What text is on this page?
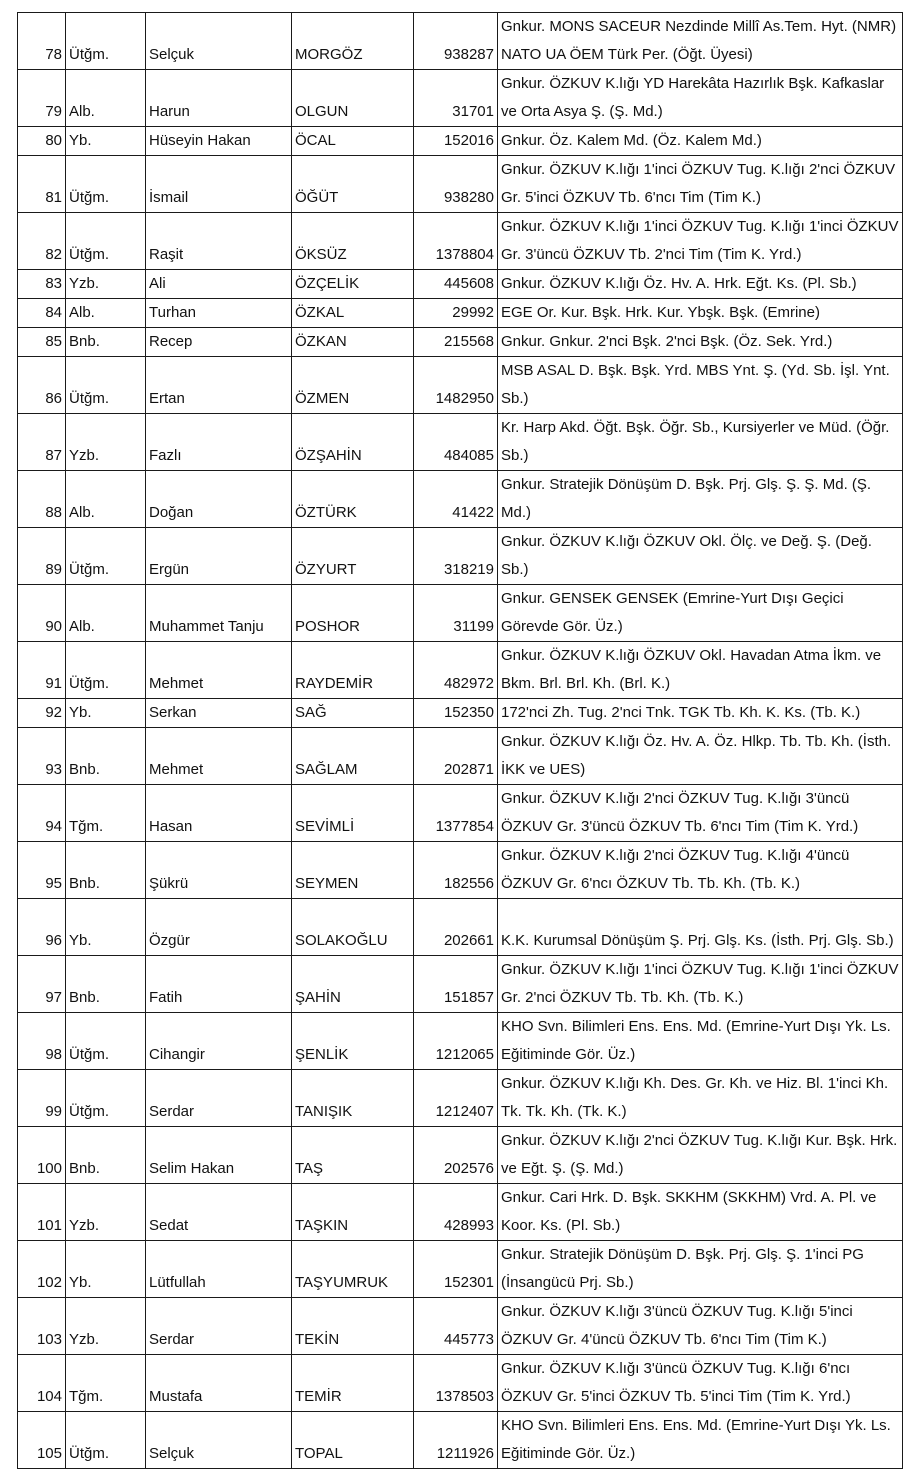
78	Ütğm.	Selçuk	MORGÖZ	938287	Gnkur. MONS SACEUR Nezdinde Millî As.Tem. Hyt. (NMR) NATO UA ÖEM Türk Per. (Öğt. Üyesi)
79	Alb.	Harun	OLGUN	31701	Gnkur. ÖZKUV K.lığı YD Harekâta Hazırlık Bşk. Kafkaslar ve Orta Asya Ş. (Ş. Md.)
80	Yb.	Hüseyin Hakan	ÖCAL	152016	Gnkur. Öz. Kalem Md. (Öz. Kalem Md.)
81	Ütğm.	İsmail	ÖĞÜT	938280	Gnkur. ÖZKUV K.lığı 1'inci ÖZKUV Tug. K.lığı 2'nci ÖZKUV Gr. 5'inci ÖZKUV Tb. 6'ncı Tim (Tim K.)
82	Ütğm.	Raşit	ÖKSÜZ	1378804	Gnkur. ÖZKUV K.lığı 1'inci ÖZKUV Tug. K.lığı 1'inci ÖZKUV Gr. 3'üncü ÖZKUV Tb. 2'nci Tim (Tim K. Yrd.)
83	Yzb.	Ali	ÖZÇELİK	445608	Gnkur. ÖZKUV K.lığı Öz. Hv. A. Hrk. Eğt. Ks. (Pl. Sb.)
84	Alb.	Turhan	ÖZKAL	29992	EGE Or. Kur. Bşk. Hrk. Kur. Ybşk. Bşk. (Emrine)
85	Bnb.	Recep	ÖZKAN	215568	Gnkur. Gnkur. 2'nci Bşk. 2'nci Bşk. (Öz. Sek. Yrd.)
86	Ütğm.	Ertan	ÖZMEN	1482950	MSB ASAL D. Bşk. Bşk. Yrd. MBS Ynt. Ş. (Yd. Sb. İşl. Ynt. Sb.)
87	Yzb.	Fazlı	ÖZŞAHİN	484085	Kr. Harp Akd. Öğt. Bşk. Öğr. Sb., Kursiyerler ve Müd. (Öğr. Sb.)
88	Alb.	Doğan	ÖZTÜRK	41422	Gnkur. Stratejik Dönüşüm D. Bşk. Prj. Glş. Ş. Ş. Md. (Ş. Md.)
89	Ütğm.	Ergün	ÖZYURT	318219	Gnkur. ÖZKUV K.lığı ÖZKUV Okl. Ölç. ve Değ. Ş. (Değ. Sb.)
90	Alb.	Muhammet Tanju	POSHOR	31199	Gnkur. GENSEK GENSEK (Emrine-Yurt Dışı Geçici Görevde Gör. Üz.)
91	Ütğm.	Mehmet	RAYDEMİR	482972	Gnkur. ÖZKUV K.lığı ÖZKUV Okl. Havadan Atma İkm. ve Bkm. Brl. Brl. Kh. (Brl. K.)
92	Yb.	Serkan	SAĞ	152350	172'nci Zh. Tug. 2'nci Tnk. TGK Tb. Kh. K. Ks. (Tb. K.)
93	Bnb.	Mehmet	SAĞLAM	202871	Gnkur. ÖZKUV K.lığı Öz. Hv. A. Öz. Hlkp. Tb. Tb. Kh. (İsth. İKK ve UES)
94	Tğm.	Hasan	SEVİMLİ	1377854	Gnkur. ÖZKUV K.lığı 2'nci ÖZKUV Tug. K.lığı 3'üncü ÖZKUV Gr. 3'üncü ÖZKUV Tb. 6'ncı Tim (Tim K. Yrd.)
95	Bnb.	Şükrü	SEYMEN	182556	Gnkur. ÖZKUV K.lığı 2'nci ÖZKUV Tug. K.lığı 4'üncü ÖZKUV Gr. 6'ncı ÖZKUV Tb. Tb. Kh. (Tb. K.)
96	Yb.	Özgür	SOLAKOĞLU	202661	K.K. Kurumsal Dönüşüm Ş. Prj. Glş. Ks. (İsth. Prj. Glş. Sb.)
97	Bnb.	Fatih	ŞAHİN	151857	Gnkur. ÖZKUV K.lığı 1'inci ÖZKUV Tug. K.lığı 1'inci ÖZKUV Gr. 2'nci ÖZKUV Tb. Tb. Kh. (Tb. K.)
98	Ütğm.	Cihangir	ŞENLİK	1212065	KHO Svn. Bilimleri Ens. Ens. Md. (Emrine-Yurt Dışı Yk. Ls. Eğitiminde Gör. Üz.)
99	Ütğm.	Serdar	TANIŞIK	1212407	Gnkur. ÖZKUV K.lığı Kh. Des. Gr. Kh. ve Hiz. Bl. 1'inci Kh. Tk. Tk. Kh. (Tk. K.)
100	Bnb.	Selim Hakan	TAŞ	202576	Gnkur. ÖZKUV K.lığı 2'nci ÖZKUV Tug. K.lığı Kur. Bşk. Hrk. ve Eğt. Ş. (Ş. Md.)
101	Yzb.	Sedat	TAŞKIN	428993	Gnkur. Cari Hrk. D. Bşk. SKKHM (SKKHM) Vrd. A. Pl. ve Koor. Ks. (Pl. Sb.)
102	Yb.	Lütfullah	TAŞYUMRUK	152301	Gnkur. Stratejik Dönüşüm D. Bşk. Prj. Glş. Ş. 1'inci PG (İnsangücü Prj. Sb.)
103	Yzb.	Serdar	TEKİN	445773	Gnkur. ÖZKUV K.lığı 3'üncü ÖZKUV Tug. K.lığı 5'inci ÖZKUV Gr. 4'üncü ÖZKUV Tb. 6'ncı Tim (Tim K.)
104	Tğm.	Mustafa	TEMİR	1378503	Gnkur. ÖZKUV K.lığı 3'üncü ÖZKUV Tug. K.lığı 6'ncı ÖZKUV Gr. 5'inci ÖZKUV Tb. 5'inci Tim (Tim K. Yrd.)
105	Ütğm.	Selçuk	TOPAL	1211926	KHO Svn. Bilimleri Ens. Ens. Md. (Emrine-Yurt Dışı Yk. Ls. Eğitiminde Gör. Üz.)
